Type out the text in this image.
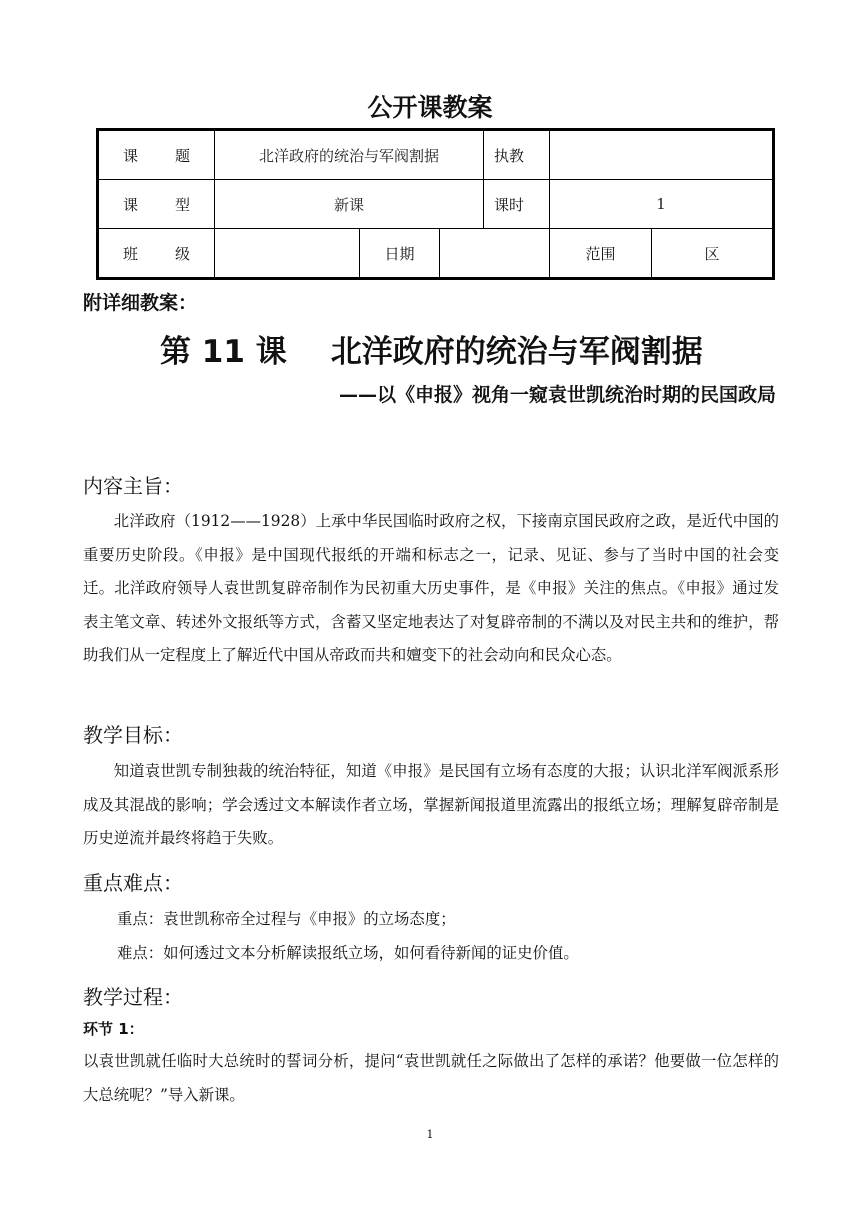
公开课教案
课 题	北洋政府的统治与军阀割据			执教		

课 型	新课			课时	1	

班 级		日期			范围	区
附详细教案：
第 11 课 北洋政府的统治与军阀割据
——以《申报》视角一窥袁世凯统治时期的民国政局
内容主旨：

北洋政府（1912——1928）上承中华民国临时政府之权，下接南京国民政府之政，是近代中国的重要历史阶段。《申报》是中国现代报纸的开端和标志之一，记录、见证、参与了当时中国的社会变迁。北洋政府领导人袁世凯复辟帝制作为民初重大历史事件，是《申报》关注的焦点。《申报》通过发表主笔文章、转述外文报纸等方式，含蓄又坚定地表达了对复辟帝制的不满以及对民主共和的维护，帮助我们从一定程度上了解近代中国从帝政而共和嬗变下的社会动向和民众心态。

教学目标：

知道袁世凯专制独裁的统治特征，知道《申报》是民国有立场有态度的大报；认识北洋军阀派系形成及其混战的影响；学会透过文本解读作者立场，掌握新闻报道里流露出的报纸立场；理解复辟帝制是历史逆流并最终将趋于失败。

重点难点：
重点：袁世凯称帝全过程与《申报》的立场态度；
难点：如何透过文本分析解读报纸立场，如何看待新闻的证史价值。
教学过程：
环节 1：

以袁世凯就任临时大总统时的誓词分析，提问“袁世凯就任之际做出了怎样的承诺？他要做一位怎样的大总统呢？”导入新课。

1
